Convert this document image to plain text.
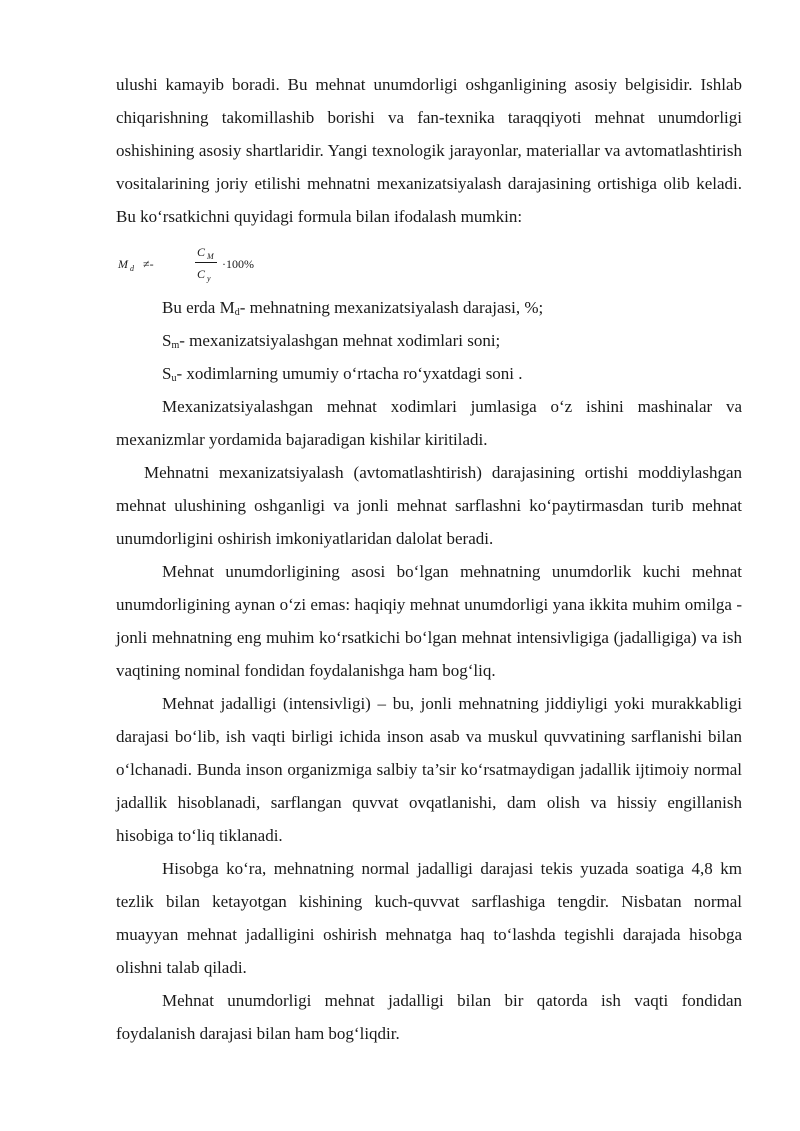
ulushi kamayib boradi. Bu mehnat unumdorligi oshganligining asosiy belgisidir. Ishlab chiqarishning takomillashib borishi va fan-texnika taraqqiyoti mehnat unumdorligi oshishining asosiy shartlaridir. Yangi texnologik jarayonlar, materiallar va avtomatlashtirish vositalarining joriy etilishi mehnatni mexanizatsiyalash darajasining ortishiga olib keladi. Bu ko‘rsatkichni quyidagi formula bilan ifodalash mumkin:

M d ≠-
C M
C y
·100%

Bu erda $M_d-$ mehnatning mexanizatsiyalash darajasi, %;

$S_m-$ mexanizatsiyalashgan mehnat xodimlari soni;

$S_u-$ xodimlarning umumiy o‘rtacha ro‘yxatdagi soni .

Mexanizatsiyalashgan mehnat xodimlari jumlasiga o‘z ishini mashinalar va mexanizmlar yordamida bajaradigan kishilar kiritiladi.

Mehnatni mexanizatsiyalash (avtomatlashtirish) darajasining ortishi moddiylashgan mehnat ulushining oshganligi va jonli mehnat sarflashni ko‘paytirmasdan turib mehnat unumdorligini oshirish imkoniyatlaridan dalolat beradi.

Mehnat unumdorligining asosi bo‘lgan mehnatning unumdorlik kuchi mehnat unumdorligining aynan o‘zi emas: haqiqiy mehnat unumdorligi yana ikkita muhim omilga - jonli mehnatning eng muhim ko‘rsatkichi bo‘lgan mehnat intensivligiga (jadalligiga) va ish vaqtining nominal fondidan foydalanishga ham bog‘liq.

Mehnat jadalligi (intensivligi) – bu, jonli mehnatning jiddiyligi yoki murakkabligi darajasi bo‘lib, ish vaqti birligi ichida inson asab va muskul quvvatining sarflanishi bilan o‘lchanadi. Bunda inson organizmiga salbiy ta’sir ko‘rsatmaydigan jadallik ijtimoiy normal jadallik hisoblanadi, sarflangan quvvat ovqatlanishi, dam olish va hissiy engillanish hisobiga to‘liq tiklanadi.

Hisobga ko‘ra, mehnatning normal jadalligi darajasi tekis yuzada soatiga 4,8 km tezlik bilan ketayotgan kishining kuch-quvvat sarflashiga tengdir. Nisbatan normal muayyan mehnat jadalligini oshirish mehnatga haq to‘lashda tegishli darajada hisobga olishni talab qiladi.

Mehnat unumdorligi mehnat jadalligi bilan bir qatorda ish vaqti fondidan foydalanish darajasi bilan ham bog‘liqdir.
